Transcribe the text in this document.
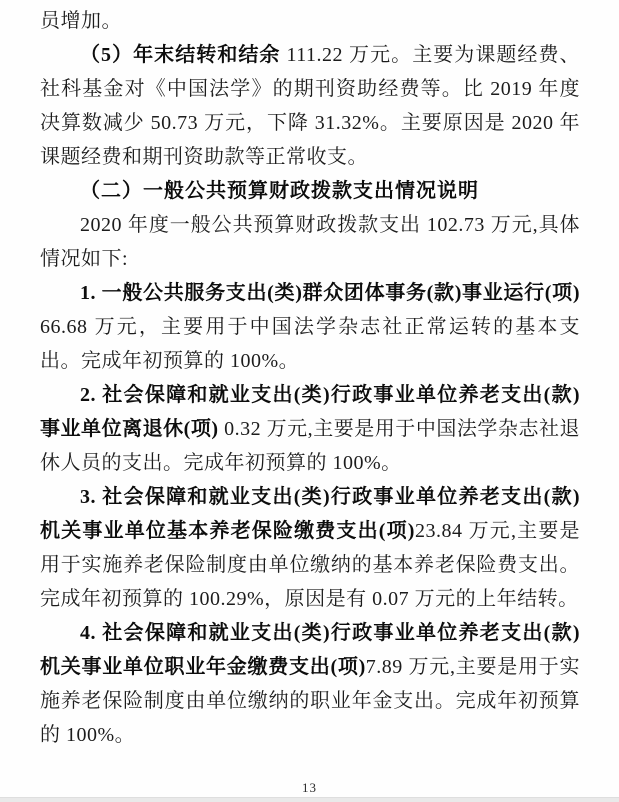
员增加。

（5）年末结转和结余 111.22 万元。主要为课题经费、社科基金对《中国法学》的期刊资助经费等。比 2019 年度决算数减少 50.73 万元，下降 31.32%。主要原因是 2020 年课题经费和期刊资助款等正常收支。

（二）一般公共预算财政拨款支出情况说明

2020 年度一般公共预算财政拨款支出 102.73 万元,具体情况如下:

1. 一般公共服务支出(类)群众团体事务(款)事业运行(项)66.68 万元，主要用于中国法学杂志社正常运转的基本支出。完成年初预算的 100%。

2. 社会保障和就业支出(类)行政事业单位养老支出(款)事业单位离退休(项) 0.32 万元,主要是用于中国法学杂志社退休人员的支出。完成年初预算的 100%。

3. 社会保障和就业支出(类)行政事业单位养老支出(款)机关事业单位基本养老保险缴费支出(项)23.84 万元,主要是用于实施养老保险制度由单位缴纳的基本养老保险费支出。完成年初预算的 100.29%，原因是有 0.07 万元的上年结转。

4. 社会保障和就业支出(类)行政事业单位养老支出(款)机关事业单位职业年金缴费支出(项)7.89 万元,主要是用于实施养老保险制度由单位缴纳的职业年金支出。完成年初预算的 100%。

13
